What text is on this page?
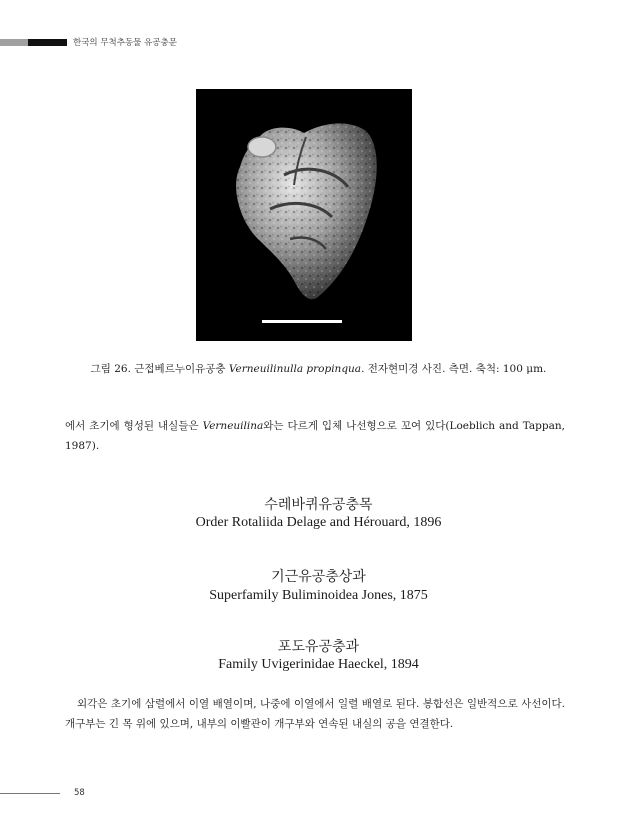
한국의 무척추동물 유공충문
그림 26. 근접베르누이유공충 Verneuilinulla propinqua. 전자현미경 사진. 측면. 축척: 100 μm.
에서 초기에 형성된 내실들은 Verneuilina와는 다르게 입체 나선형으로 꼬여 있다(Loeblich and Tappan, 1987).
수레바퀴유공충목
Order Rotaliida Delage and Hérouard, 1896
기근유공충상과
Superfamily Buliminoidea Jones, 1875
포도유공충과
Family Uvigerinidae Haeckel, 1894
외각은 초기에 삼렬에서 이열 배열이며, 나중에 이열에서 일렬 배열로 된다. 봉합선은 일반적으로 사선이다. 개구부는 긴 목 위에 있으며, 내부의 이빨관이 개구부와 연속된 내실의 공을 연결한다.
58
